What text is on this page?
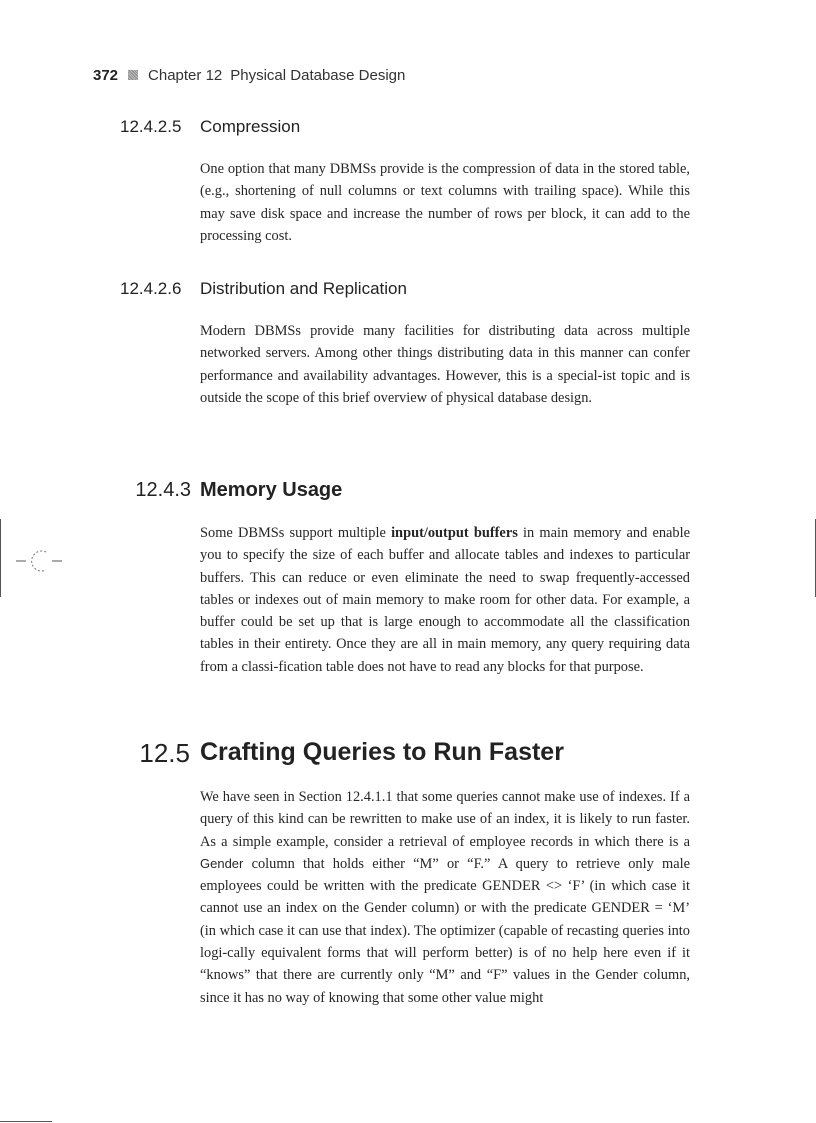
372 Chapter 12 Physical Database Design
12.4.2.5 Compression

One option that many DBMSs provide is the compression of data in the stored table, (e.g., shortening of null columns or text columns with trailing space). While this may save disk space and increase the number of rows per block, it can add to the processing cost.

12.4.2.6 Distribution and Replication

Modern DBMSs provide many facilities for distributing data across multiple networked servers. Among other things distributing data in this manner can confer performance and availability advantages. However, this is a special-ist topic and is outside the scope of this brief overview of physical database design.

12.4.3 Memory Usage

Some DBMSs support multiple input/output buffers in main memory and enable you to specify the size of each buffer and allocate tables and indexes to particular buffers. This can reduce or even eliminate the need to swap frequently-accessed tables or indexes out of main memory to make room for other data. For example, a buffer could be set up that is large enough to accommodate all the classification tables in their entirety. Once they are all in main memory, any query requiring data from a classi-fication table does not have to read any blocks for that purpose.

12.5 Crafting Queries to Run Faster

We have seen in Section 12.4.1.1 that some queries cannot make use of indexes. If a query of this kind can be rewritten to make use of an index, it is likely to run faster. As a simple example, consider a retrieval of employee records in which there is a Gender column that holds either “M” or “F.” A query to retrieve only male employees could be written with the predicate GENDER <> ‘F’ (in which case it cannot use an index on the Gender column) or with the predicate GENDER = ‘M’ (in which case it can use that index). The optimizer (capable of recasting queries into logi-cally equivalent forms that will perform better) is of no help here even if it “knows” that there are currently only “M” and “F” values in the Gender column, since it has no way of knowing that some other value might
